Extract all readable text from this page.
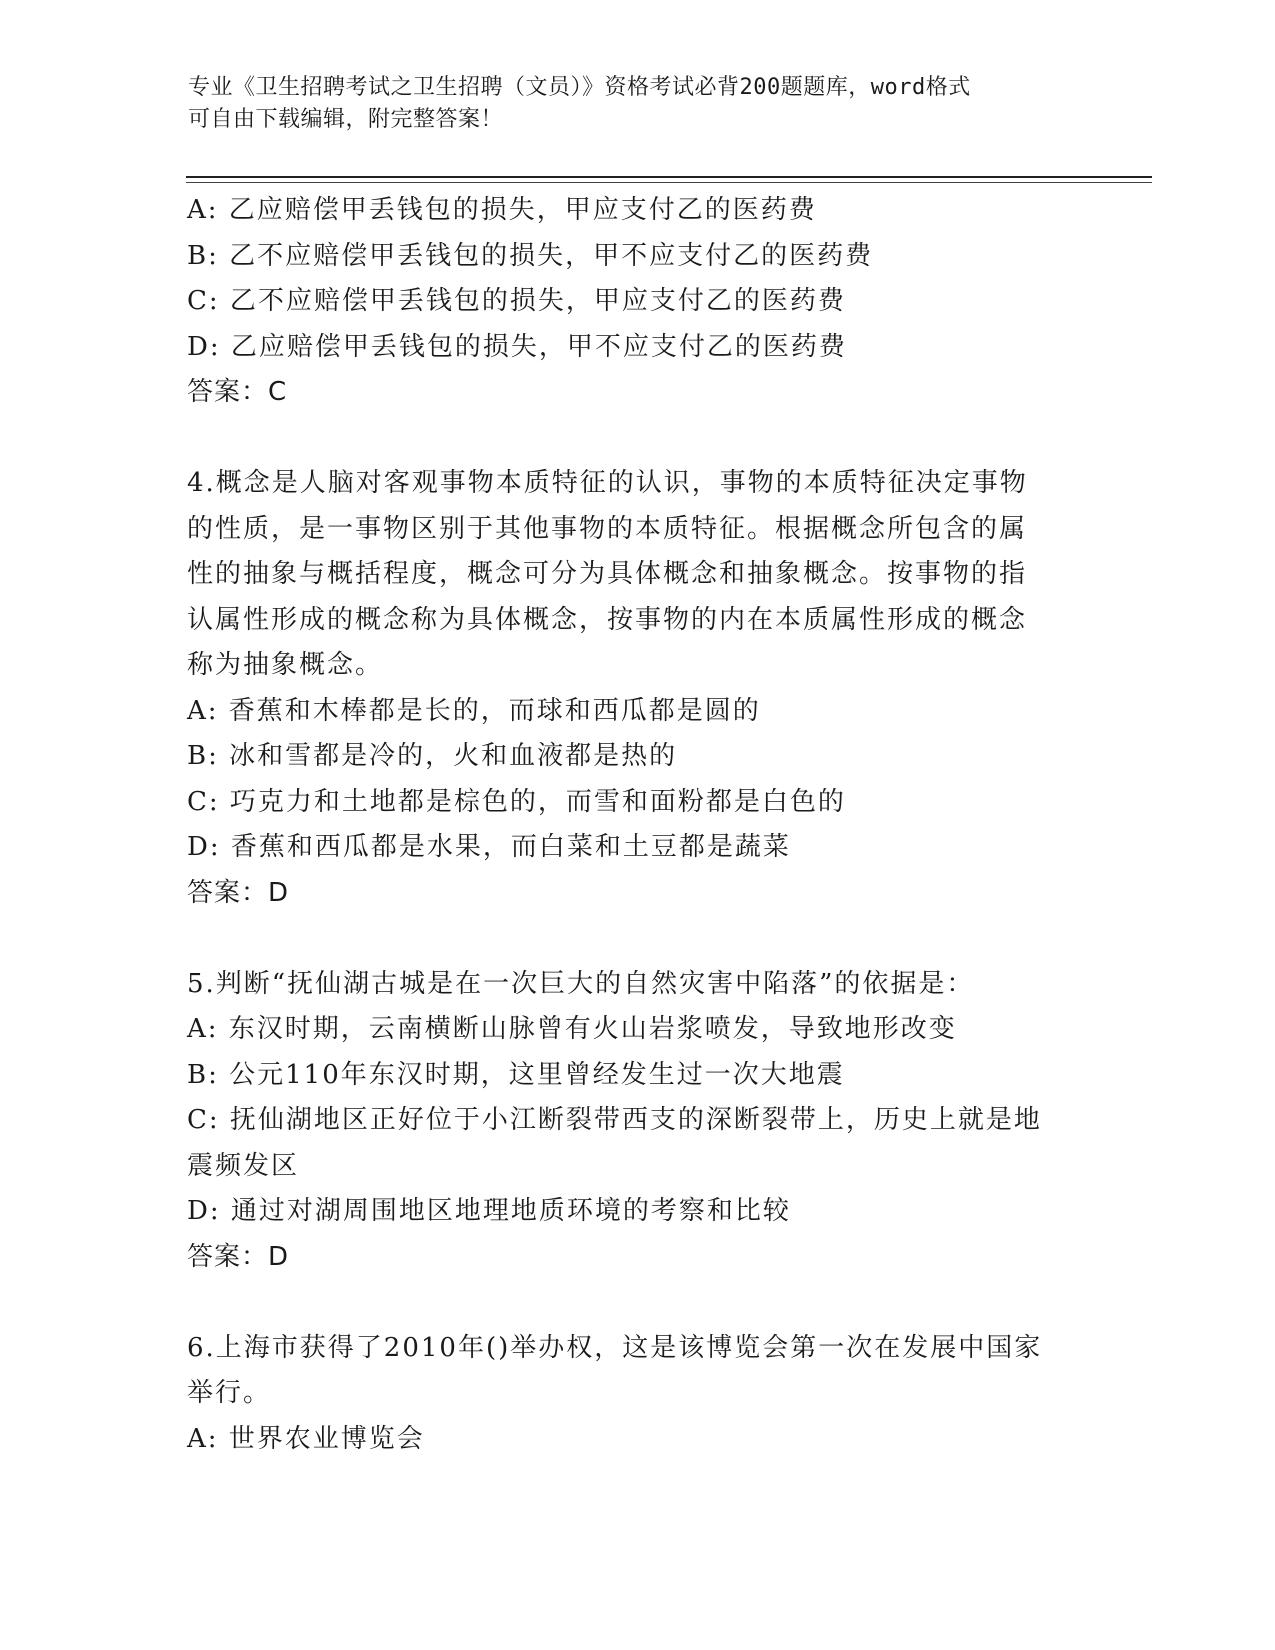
专业《卫生招聘考试之卫生招聘（文员）》资格考试必背200题题库，word格式
可自由下载编辑，附完整答案！
A: 乙应赔偿甲丢钱包的损失，甲应支付乙的医药费
B: 乙不应赔偿甲丢钱包的损失，甲不应支付乙的医药费
C: 乙不应赔偿甲丢钱包的损失，甲应支付乙的医药费
D: 乙应赔偿甲丢钱包的损失，甲不应支付乙的医药费
答案：C
4.概念是人脑对客观事物本质特征的认识，事物的本质特征决定事物
的性质，是一事物区别于其他事物的本质特征。根据概念所包含的属
性的抽象与概括程度，概念可分为具体概念和抽象概念。按事物的指
认属性形成的概念称为具体概念，按事物的内在本质属性形成的概念
称为抽象概念。
A: 香蕉和木棒都是长的，而球和西瓜都是圆的
B: 冰和雪都是冷的，火和血液都是热的
C: 巧克力和土地都是棕色的，而雪和面粉都是白色的
D: 香蕉和西瓜都是水果，而白菜和土豆都是蔬菜
答案：D
5.判断“抚仙湖古城是在一次巨大的自然灾害中陷落”的依据是：
A: 东汉时期，云南横断山脉曾有火山岩浆喷发，导致地形改变
B: 公元110年东汉时期，这里曾经发生过一次大地震
C: 抚仙湖地区正好位于小江断裂带西支的深断裂带上，历史上就是地
震频发区
D: 通过对湖周围地区地理地质环境的考察和比较
答案：D
6.上海市获得了2010年()举办权，这是该博览会第一次在发展中国家
举行。
A: 世界农业博览会
